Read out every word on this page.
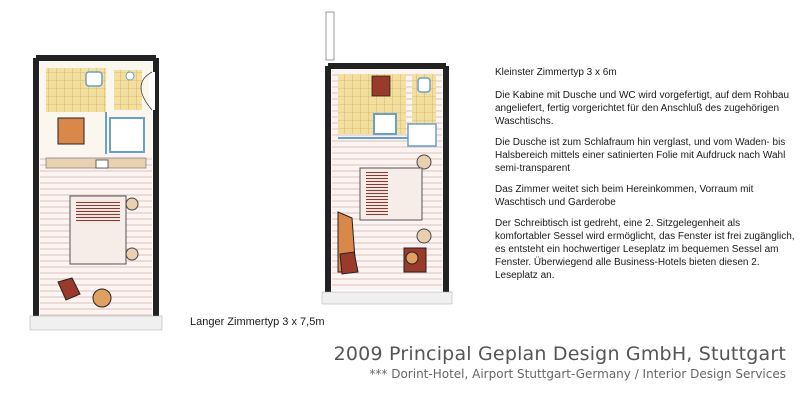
Kleinster Zimmertyp 3 x 6m

Die Kabine mit Dusche und WC wird vorgefertigt, auf dem Rohbau angeliefert, fertig vorgerichtet für den Anschluß des zugehörigen Waschtischs.

Die Dusche ist zum Schlafraum hin verglast, und vom Waden- bis Halsbereich mittels einer satinierten Folie mit Aufdruck nach Wahl semi-transparent

Das Zimmer weitet sich beim Hereinkommen, Vorraum mit Waschtisch und Garderobe

Der Schreibtisch ist gedreht, eine 2. Sitzgelegenheit als komfortabler Sessel wird ermöglicht, das Fenster ist frei zugänglich, es entsteht ein hochwertiger Leseplatz im bequemen Sessel am Fenster. Überwiegend alle Business-Hotels bieten diesen 2. Leseplatz an.

Langer Zimmertyp 3 x 7,5m
2009 Principal Geplan Design GmbH, Stuttgart
*** Dorint-Hotel, Airport Stuttgart-Germany / Interior Design Services
